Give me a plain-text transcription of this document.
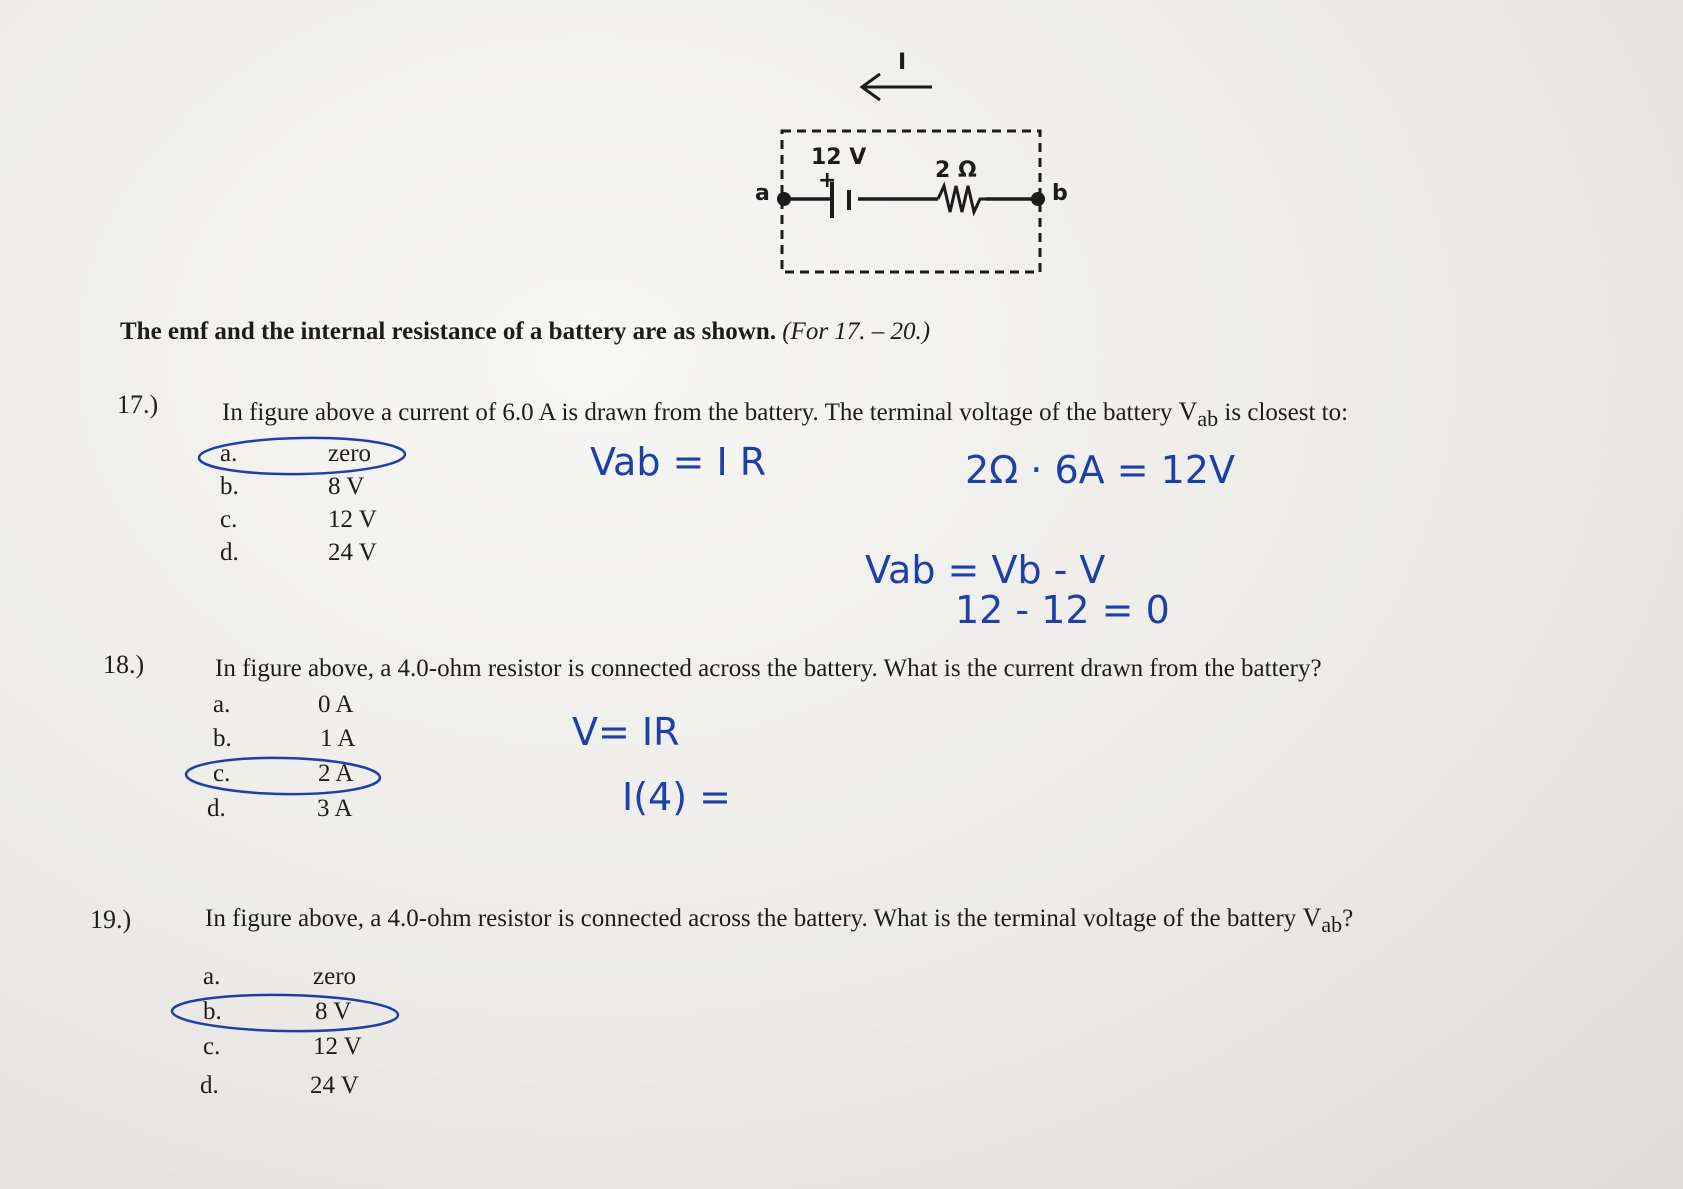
I
12 V
+	2 Ω
a	b
The emf and the internal resistance of a battery are as shown. (For 17. – 20.)
17.)	In figure above a current of 6.0 A is drawn from the battery. The terminal voltage of the battery $V_{ab}$ is closest to:
a.	zero
b.	8 V
c.	12 V
d.	24 V
18.)	In figure above, a 4.0-ohm resistor is connected across the battery. What is the current drawn from the battery?
a.	0 A
b.	1 A
c.	2 A
d.	3 A
19.)	In figure above, a 4.0-ohm resistor is connected across the battery. What is the terminal voltage of the battery $V_{ab}$?
a.	zero
b.	8 V
c.	12 V
d.	24 V
Vab = I R	2Ω · 6A = 12V
Vab = Vb - V
12 - 12 = 0
V= IR
I(4) =
